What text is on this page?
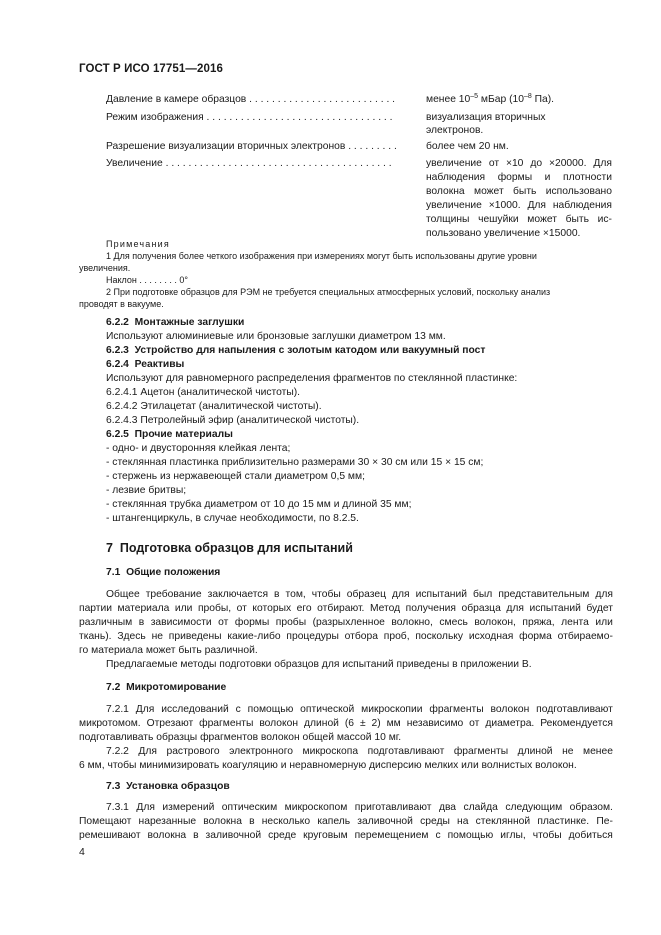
ГОСТ Р ИСО 17751—2016
Давление в камере образцов . . . . . . . . . . . . . . . . . . . . . . . . . .	менее $10^{-5}$ мБар ($10^{-8}$ Па).
Режим изображения . . . . . . . . . . . . . . . . . . . . . . . . . . . . . . . . .	визуализация вторичных
электронов.
Разрешение визуализации вторичных электронов . . . . . . . . .	более чем 20 нм.
Увеличение . . . . . . . . . . . . . . . . . . . . . . . . . . . . . . . . . . . . . . . .	увеличение от ×10 до ×20000. Для
наблюдения формы и плотности
волокна может быть использовано
увеличение ×1000. Для наблюдения
толщины чешуйки может быть ис-
пользовано увеличение ×15000.
Примечания
1 Для получения более четкого изображения при измерениях могут быть использованы другие уровни
увеличения.
Наклон . . . . . . . . 0°
2 При подготовке образцов для РЭМ не требуется специальных атмосферных условий, поскольку анализ
проводят в вакууме.
6.2.2 Монтажные заглушки
Используют алюминиевые или бронзовые заглушки диаметром 13 мм.
6.2.3 Устройство для напыления с золотым катодом или вакуумный пост
6.2.4 Реактивы
Используют для равномерного распределения фрагментов по стеклянной пластинке:
6.2.4.1 Ацетон (аналитической чистоты).
6.2.4.2 Этилацетат (аналитической чистоты).
6.2.4.3 Петролейный эфир (аналитической чистоты).
6.2.5 Прочие материалы
- одно- и двусторонняя клейкая лента;
- стеклянная пластинка приблизительно размерами 30 × 30 см или 15 × 15 см;
- стержень из нержавеющей стали диаметром 0,5 мм;
- лезвие бритвы;
- стеклянная трубка диаметром от 10 до 15 мм и длиной 35 мм;
- штангенциркуль, в случае необходимости, по 8.2.5.
7 Подготовка образцов для испытаний
7.1 Общие положения
Общее требование заключается в том, чтобы образец для испытаний был представительным для
партии материала или пробы, от которых его отбирают. Метод получения образца для испытаний будет
различным в зависимости от формы пробы (разрыхленное волокно, смесь волокон, пряжа, лента или
ткань). Здесь не приведены какие-либо процедуры отбора проб, поскольку исходная форма отбираемо-
го материала может быть различной.
Предлагаемые методы подготовки образцов для испытаний приведены в приложении В.
7.2 Микротомирование
7.2.1 Для исследований с помощью оптической микроскопии фрагменты волокон подготавливают
микротомом. Отрезают фрагменты волокон длиной (6 ± 2) мм независимо от диаметра. Рекомендуется
подготавливать образцы фрагментов волокон общей массой 10 мг.
7.2.2 Для растрового электронного микроскопа подготавливают фрагменты длиной не менее
6 мм, чтобы минимизировать коагуляцию и неравномерную дисперсию мелких или волнистых волокон.
7.3 Установка образцов
7.3.1 Для измерений оптическим микроскопом приготавливают два слайда следующим образом.
Помещают нарезанные волокна в несколько капель заливочной среды на стеклянной пластинке. Пе-
ремешивают волокна в заливочной среде круговым перемещением с помощью иглы, чтобы добиться
4
